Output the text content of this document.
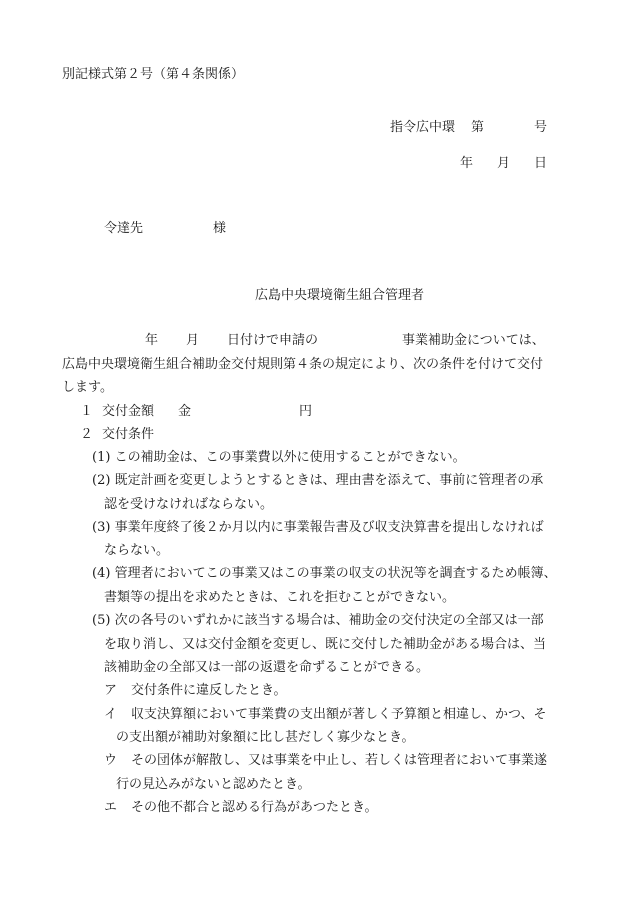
別記様式第２号（第４条関係）
指令広中環 第	号
年 月 日
令達先	様
広島中央環境衛生組合管理者
年 月 日付けで申請の	事業補助金については、
広島中央環境衛生組合補助金交付規則第４条の規定により、次の条件を付けて交付
します。
１ 交付金額 金	円
２ 交付条件
(1) この補助金は、この事業費以外に使用することができない。
(2) 既定計画を変更しようとするときは、理由書を添えて、事前に管理者の承
認を受けなければならない。
(3) 事業年度終了後２か月以内に事業報告書及び収支決算書を提出しなければ
ならない。
(4) 管理者においてこの事業又はこの事業の収支の状況等を調査するため帳簿、
書類等の提出を求めたときは、これを拒むことができない。
(5) 次の各号のいずれかに該当する場合は、補助金の交付決定の全部又は一部
を取り消し、又は交付金額を変更し、既に交付した補助金がある場合は、当
該補助金の全部又は一部の返還を命ずることができる。
ア 交付条件に違反したとき。
イ 収支決算額において事業費の支出額が著しく予算額と相違し、かつ、そ
の支出額が補助対象額に比し甚だしく寡少なとき。
ウ その団体が解散し、又は事業を中止し、若しくは管理者において事業遂
行の見込みがないと認めたとき。
エ その他不都合と認める行為があつたとき。
